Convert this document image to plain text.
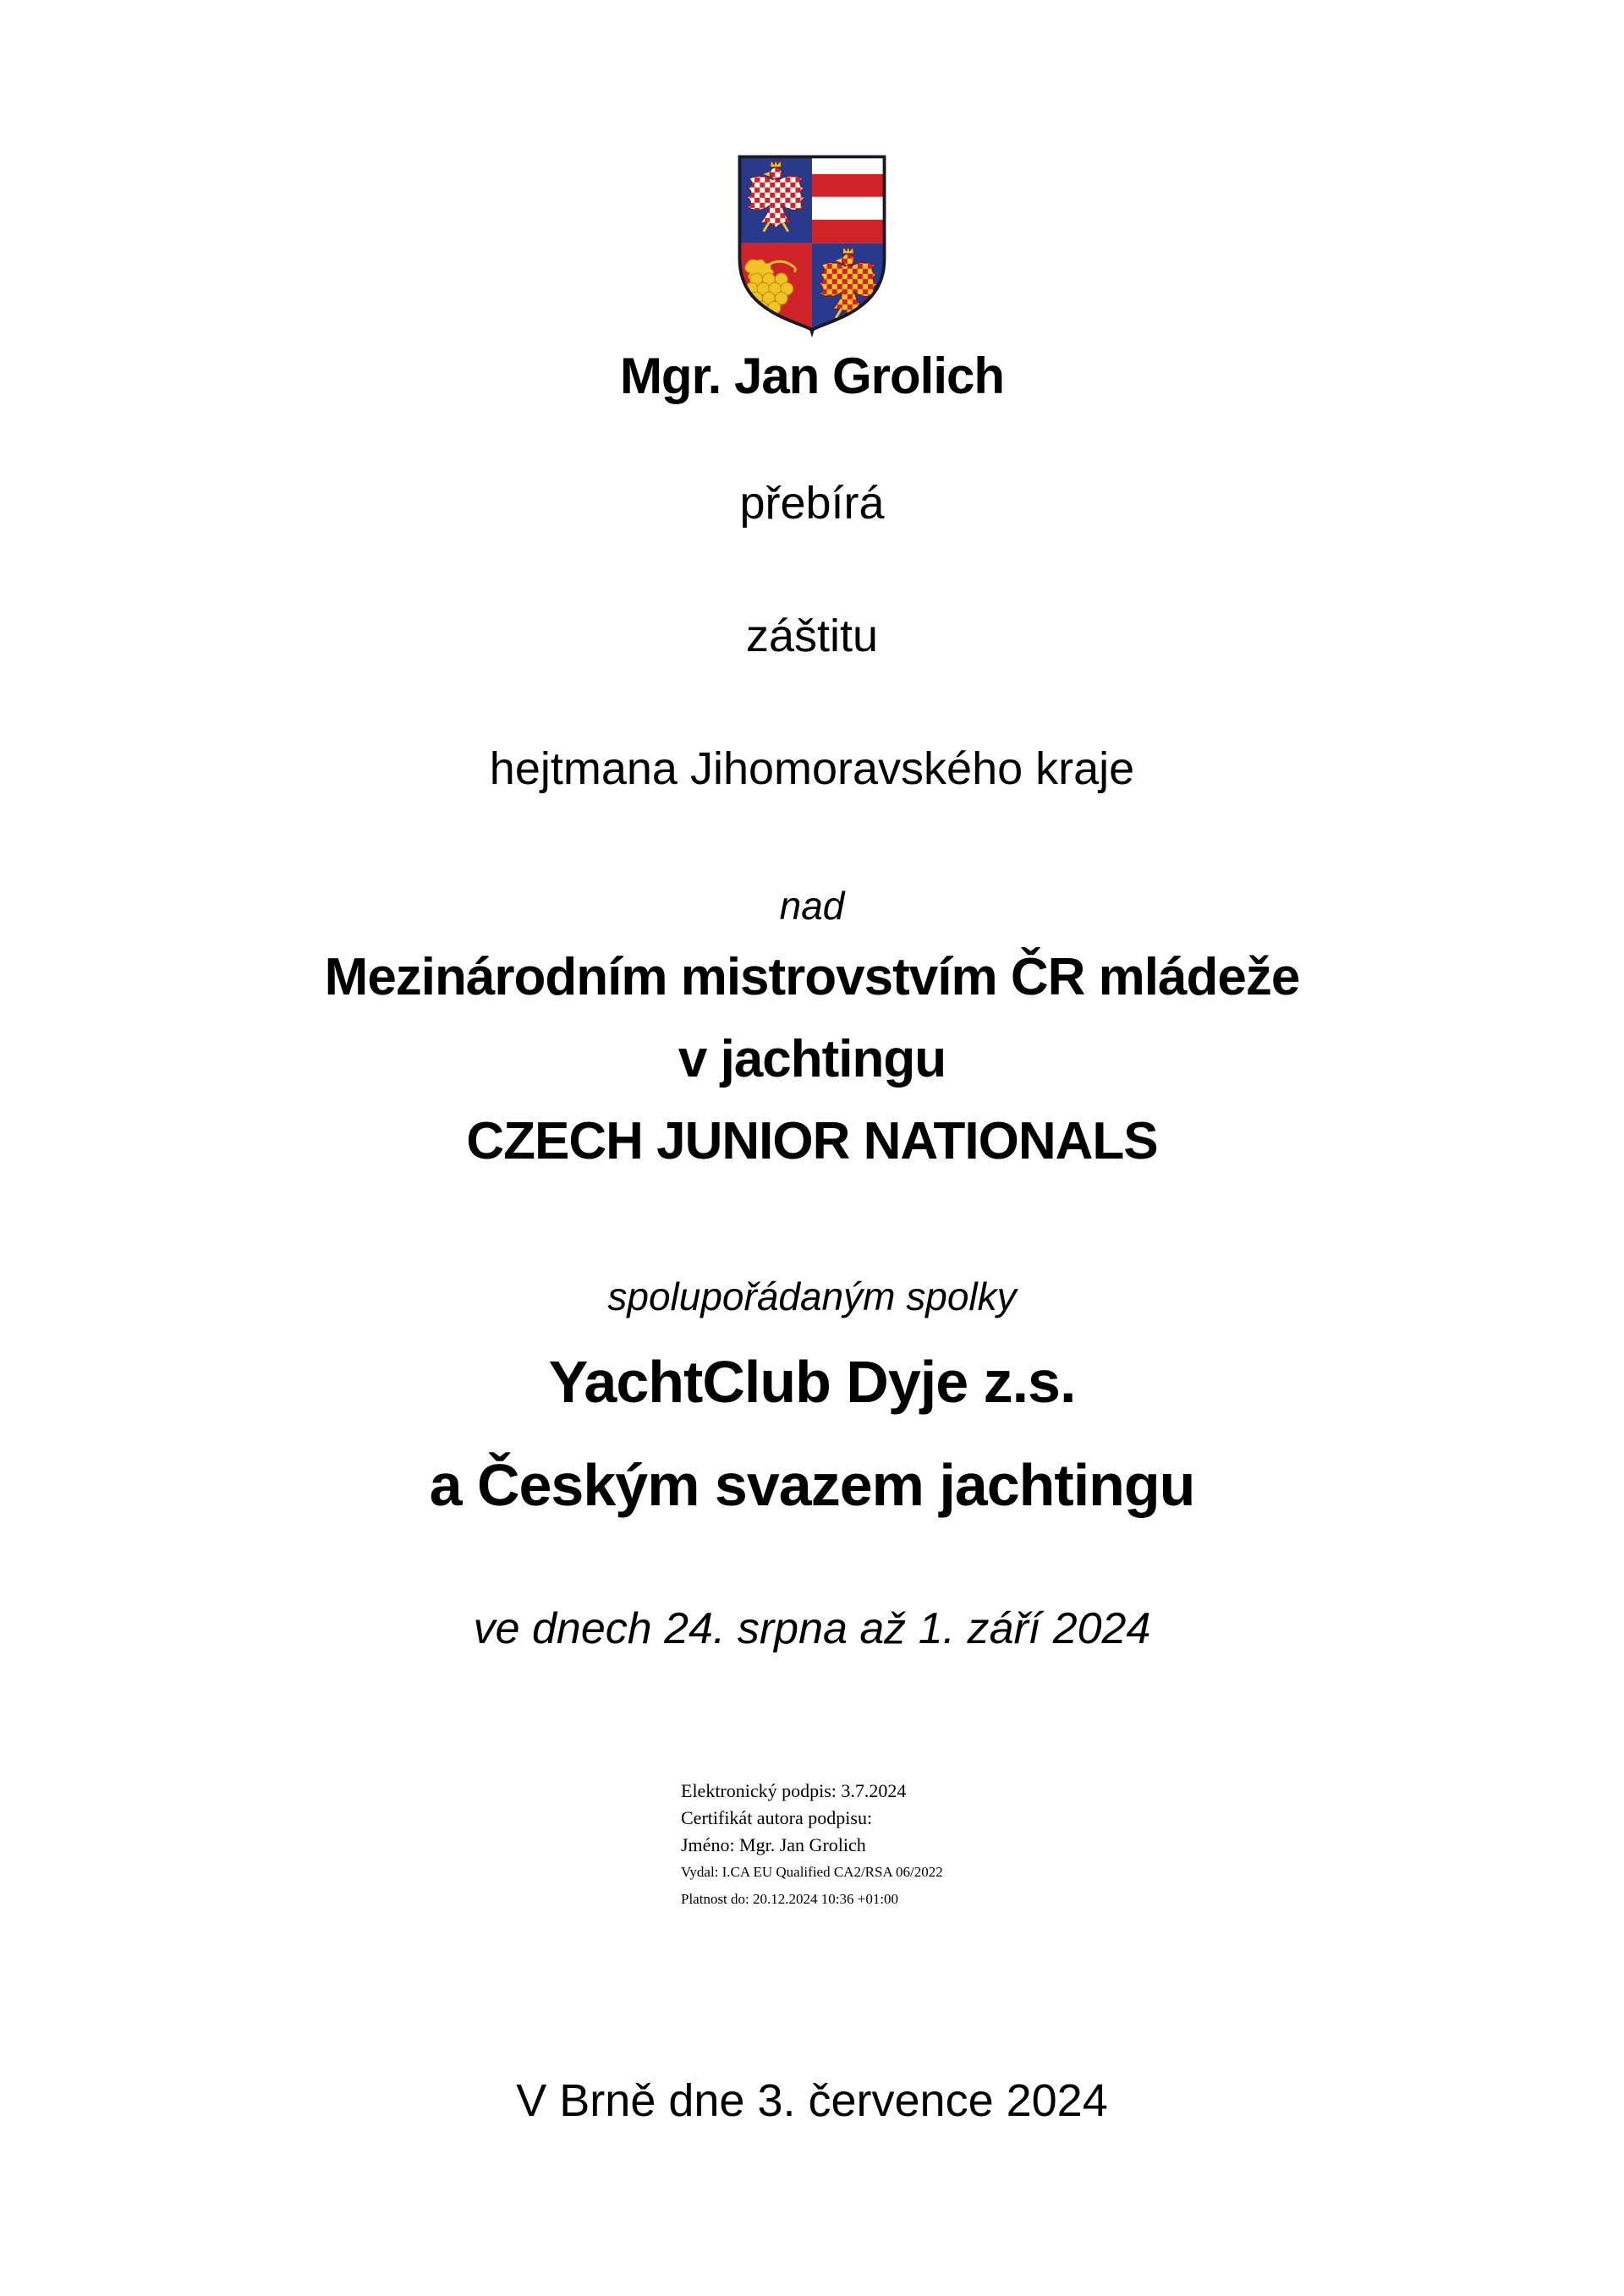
Mgr. Jan Grolich
přebírá
záštitu
hejtmana Jihomoravského kraje
nad
Mezinárodním mistrovstvím ČR mládeže
v jachtingu
CZECH JUNIOR NATIONALS
spolupořádaným spolky
YachtClub Dyje z.s.
a Českým svazem jachtingu
ve dnech 24. srpna až 1. září 2024
V Brně dne 3. července 2024
Elektronický podpis: 3.7.2024
Certifikát autora podpisu:
Jméno: Mgr. Jan Grolich
Vydal: I.CA EU Qualified CA2/RSA 06/2022
Platnost do: 20.12.2024 10:36 +01:00
